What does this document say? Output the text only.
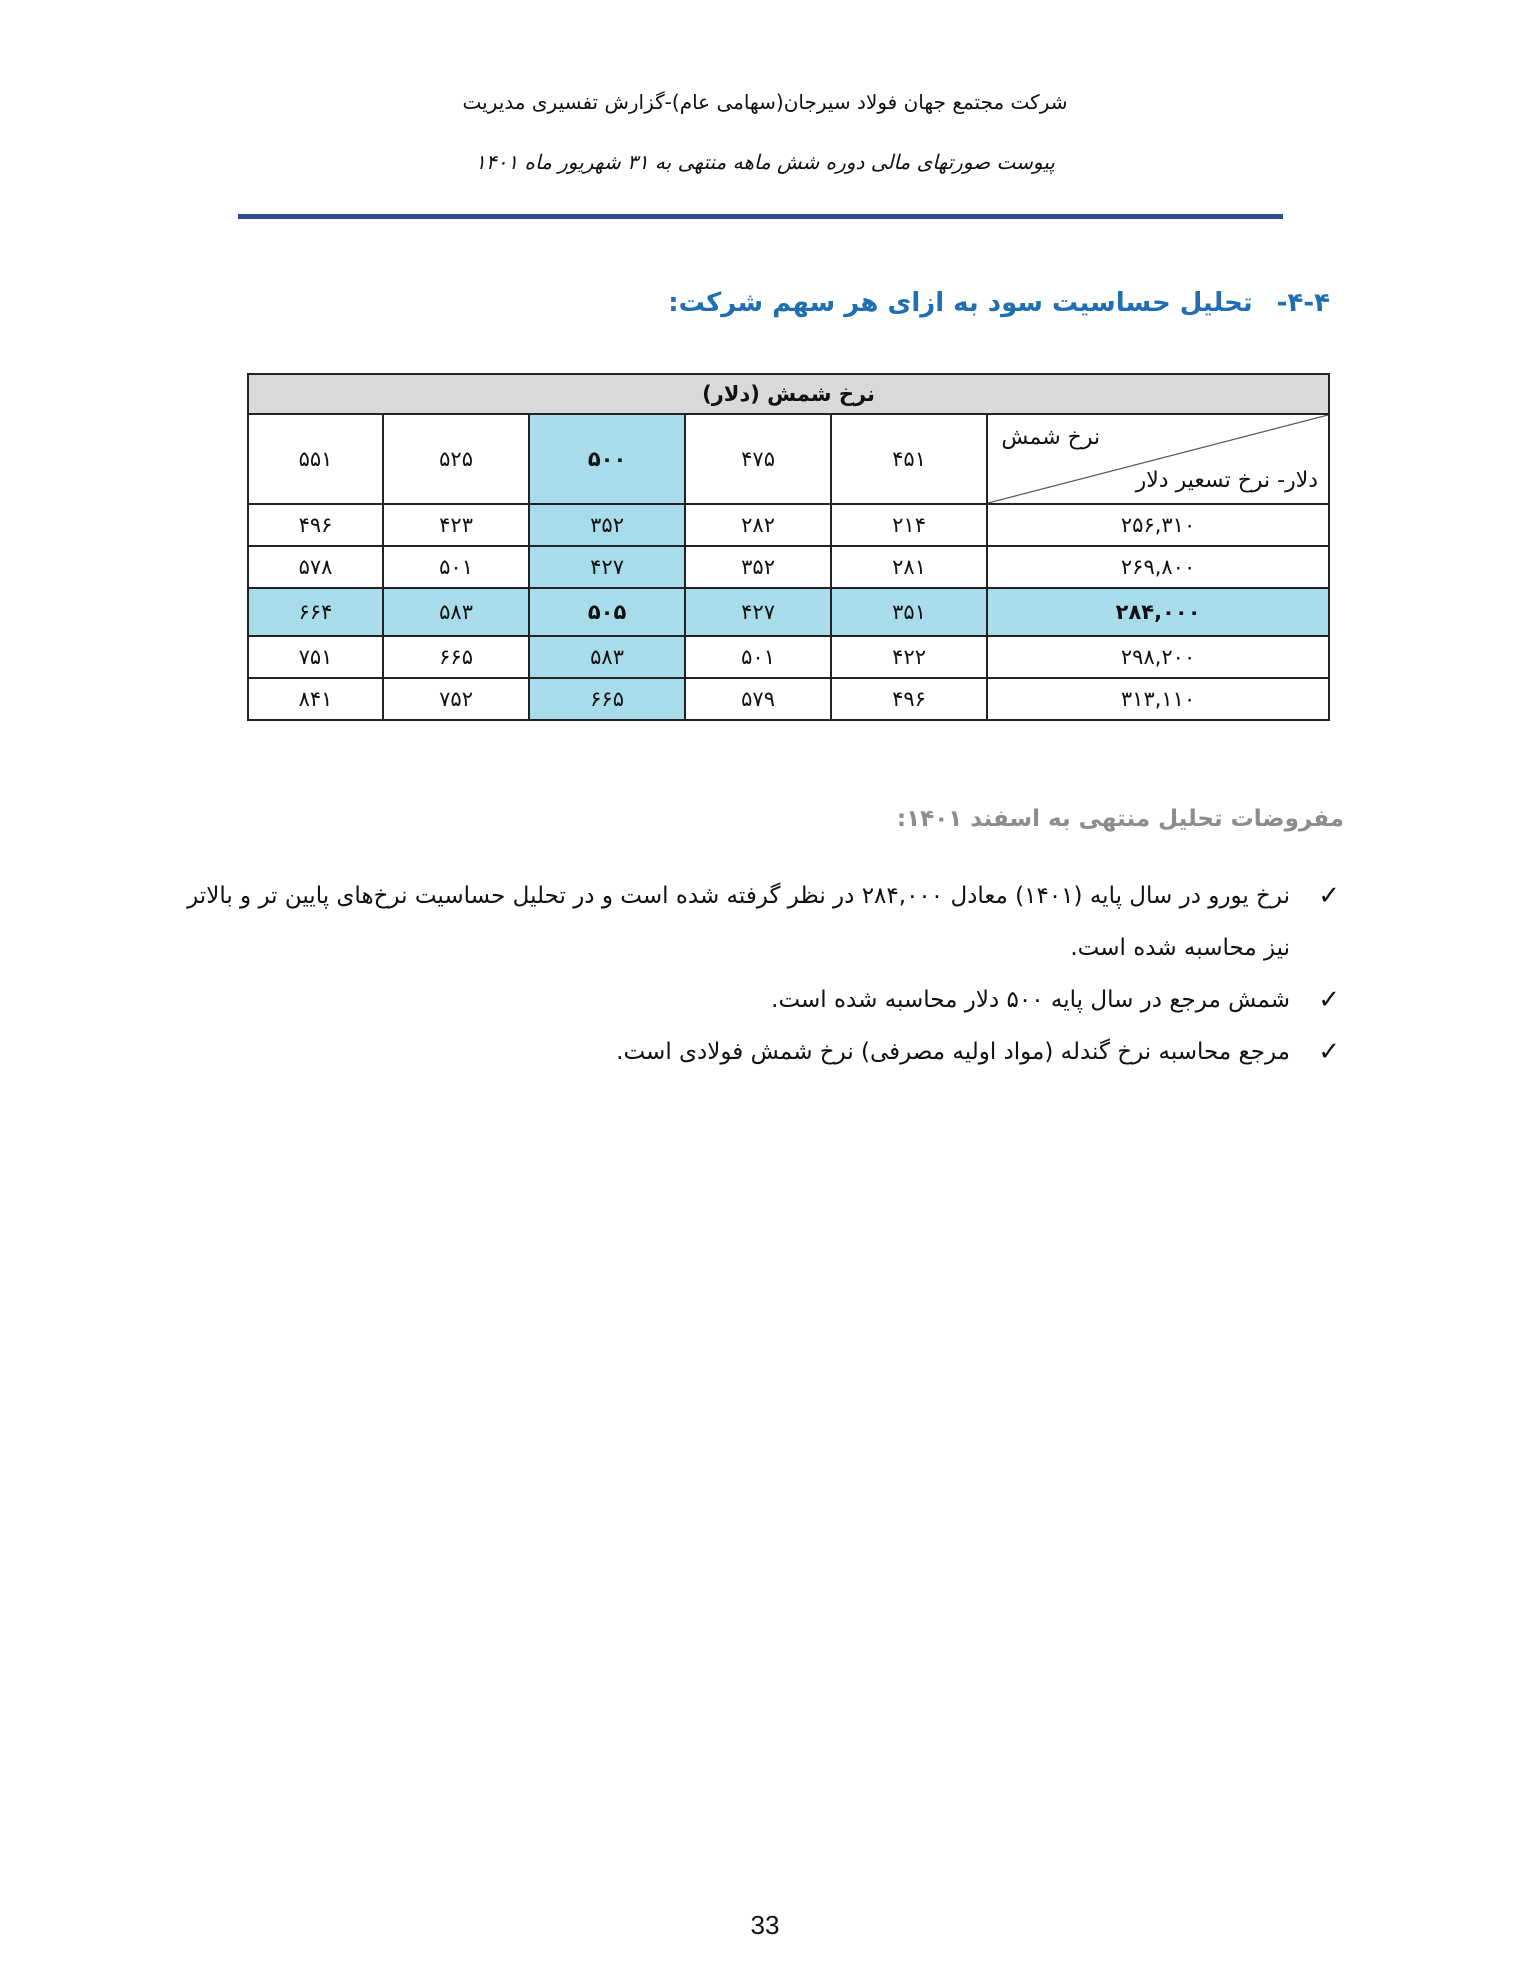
شرکت مجتمع جهان فولاد سیرجان(سهامی عام)-گزارش تفسیری مدیریت
پیوست صورتهای مالی دوره شش ماهه منتهی به ۳۱ شهریور ماه ۱۴۰۱
۴-۴-تحلیل حساسیت سود به ازای هر سهم شرکت:
نرخ شمش (دلار)					

نرخ شمش
دلار- نرخ تسعیر دلار	۴۵۱	۴۷۵	۵۰۰	۵۲۵	۵۵۱
۲۵۶,۳۱۰	۲۱۴	۲۸۲	۳۵۲	۴۲۳	۴۹۶
۲۶۹,۸۰۰	۲۸۱	۳۵۲	۴۲۷	۵۰۱	۵۷۸
۲۸۴,۰۰۰	۳۵۱	۴۲۷	۵۰۵	۵۸۳	۶۶۴
۲۹۸,۲۰۰	۴۲۲	۵۰۱	۵۸۳	۶۶۵	۷۵۱
۳۱۳,۱۱۰	۴۹۶	۵۷۹	۶۶۵	۷۵۲	۸۴۱
مفروضات تحلیل منتهی به اسفند ۱۴۰۱:
✓
نرخ یورو در سال پایه (۱۴۰۱) معادل ۲۸۴,۰۰۰ در نظر گرفته شده است و در تحلیل حساسیت نرخ‌های پایین تر و بالاتر نیز محاسبه شده است.
✓
شمش مرجع در سال پایه ۵۰۰ دلار محاسبه شده است.
✓
مرجع محاسبه نرخ گندله (مواد اولیه مصرفی) نرخ شمش فولادی است.
33
